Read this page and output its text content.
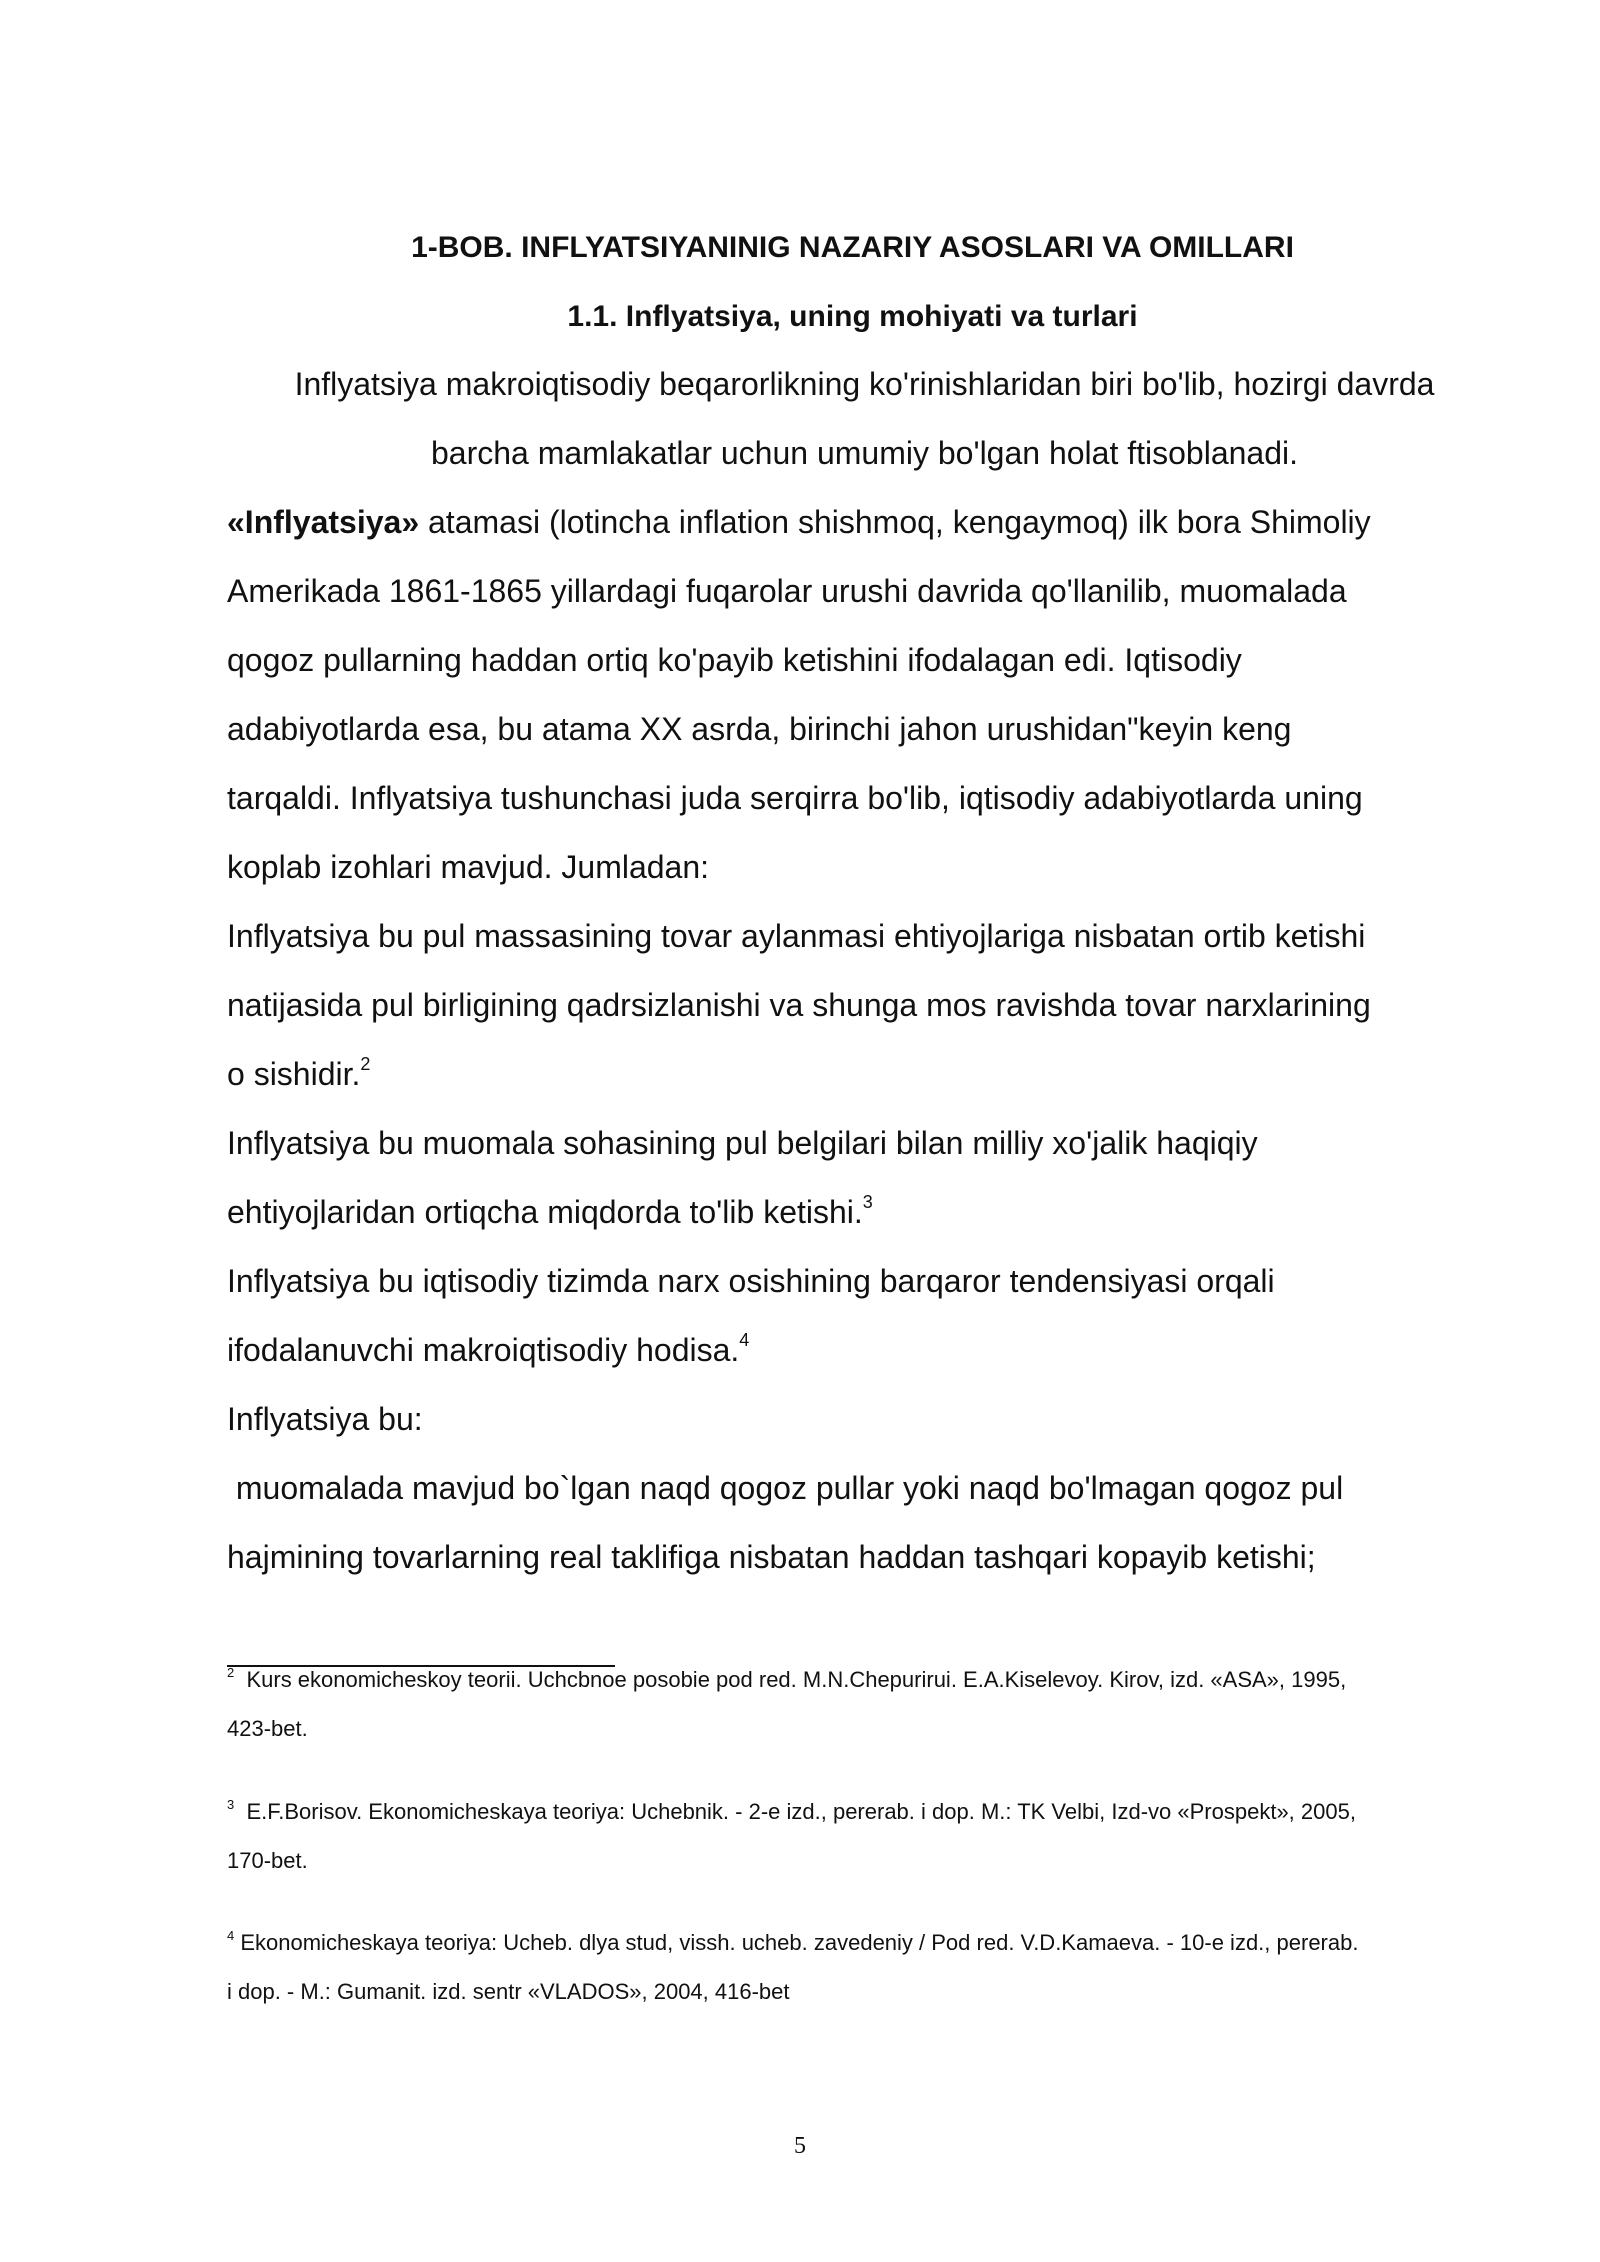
1-BOB. INFLYATSIYANINIG NAZARIY ASOSLARI VA OMILLARI
1.1. Inflyatsiya, uning mohiyati va turlari
Inflyatsiya makroiqtisodiy beqarorlikning ko'rinishlaridan biri bo'lib, hozirgi davrda
barcha mamlakatlar uchun umumiy bo'lgan holat ftisoblanadi.
«Inflyatsiya» atamasi (lotincha inflation shishmoq, kengaymoq) ilk bora Shimoliy
Amerikada 1861-1865 yillardagi fuqarolar urushi davrida qo'llanilib, muomalada
qogoz pullarning haddan ortiq ko'payib ketishini ifodalagan edi. Iqtisodiy
adabiyotlarda esa, bu atama XX asrda, birinchi jahon urushidan"keyin keng
tarqaldi. Inflyatsiya tushunchasi juda serqirra bo'lib, iqtisodiy adabiyotlarda uning
koplab izohlari mavjud. Jumladan:
Inflyatsiya bu pul massasining tovar aylanmasi ehtiyojlariga nisbatan ortib ketishi
natijasida pul birligining qadrsizlanishi va shunga mos ravishda tovar narxlarining
o sishidir.$^2$
Inflyatsiya bu muomala sohasining pul belgilari bilan milliy xo'jalik haqiqiy
ehtiyojlaridan ortiqcha miqdorda to'lib ketishi.$^3$
Inflyatsiya bu iqtisodiy tizimda narx osishining barqaror tendensiyasi orqali
ifodalanuvchi makroiqtisodiy hodisa.$^4$
Inflyatsiya bu:
muomalada mavjud bo`lgan naqd qogoz pullar yoki naqd bo'lmagan qogoz pul
hajmining tovarlarning real taklifiga nisbatan haddan tashqari kopayib ketishi;
$^2$  Kurs ekonomicheskoy teorii. Uchcbnoe posobie pod red. M.N.Chepurirui. E.A.Kiselevoy. Kirov, izd. «ASA», 1995,
423-bet.
$^3$  E.F.Borisov. Ekonomicheskaya teoriya: Uchebnik. - 2-e izd., pererab. i dop. M.: TK Velbi, Izd-vo «Prospekt», 2005,
170-bet.
$^4$ Ekonomicheskaya teoriya: Ucheb. dlya stud, vissh. ucheb. zavedeniy / Pod red. V.D.Kamaeva. - 10-e izd., pererab.
i dop. - M.: Gumanit. izd. sentr «VLADOS», 2004, 416-bet
5
